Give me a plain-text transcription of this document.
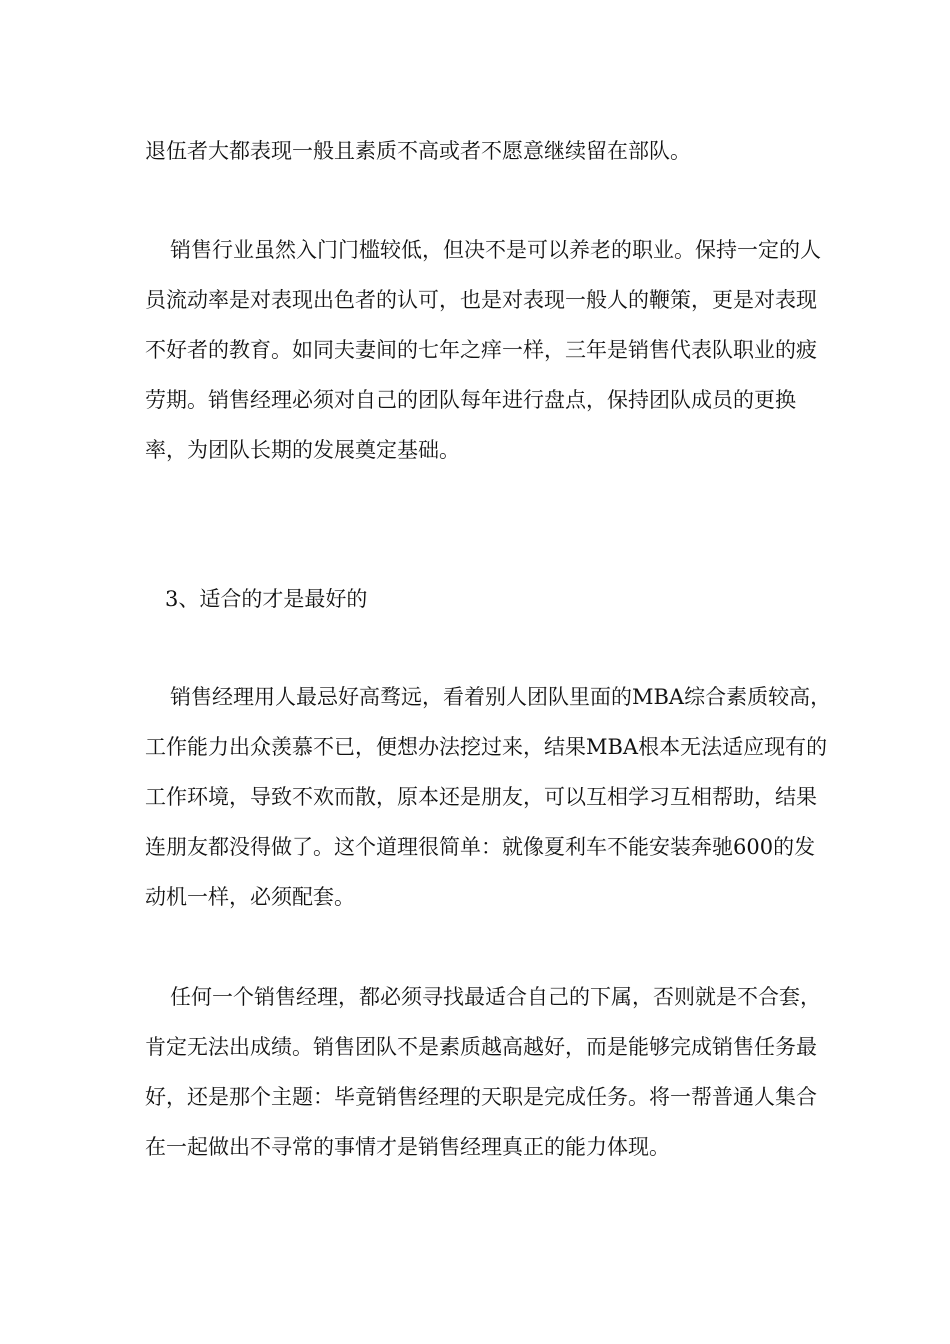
退伍者大都表现一般且素质不高或者不愿意继续留在部队。

销售行业虽然入门门槛较低，但决不是可以养老的职业。保持一定的人员流动率是对表现出色者的认可，也是对表现一般人的鞭策，更是对表现不好者的教育。如同夫妻间的七年之痒一样，三年是销售代表队职业的疲劳期。销售经理必须对自己的团队每年进行盘点，保持团队成员的更换率，为团队长期的发展奠定基础。

3、适合的才是最好的

销售经理用人最忌好高骛远，看着别人团队里面的MBA综合素质较高，工作能力出众羡慕不已，便想办法挖过来，结果MBA根本无法适应现有的工作环境，导致不欢而散，原本还是朋友，可以互相学习互相帮助，结果连朋友都没得做了。这个道理很简单：就像夏利车不能安装奔驰600的发动机一样，必须配套。

任何一个销售经理，都必须寻找最适合自己的下属，否则就是不合套，肯定无法出成绩。销售团队不是素质越高越好，而是能够完成销售任务最好，还是那个主题：毕竟销售经理的天职是完成任务。将一帮普通人集合在一起做出不寻常的事情才是销售经理真正的能力体现。
